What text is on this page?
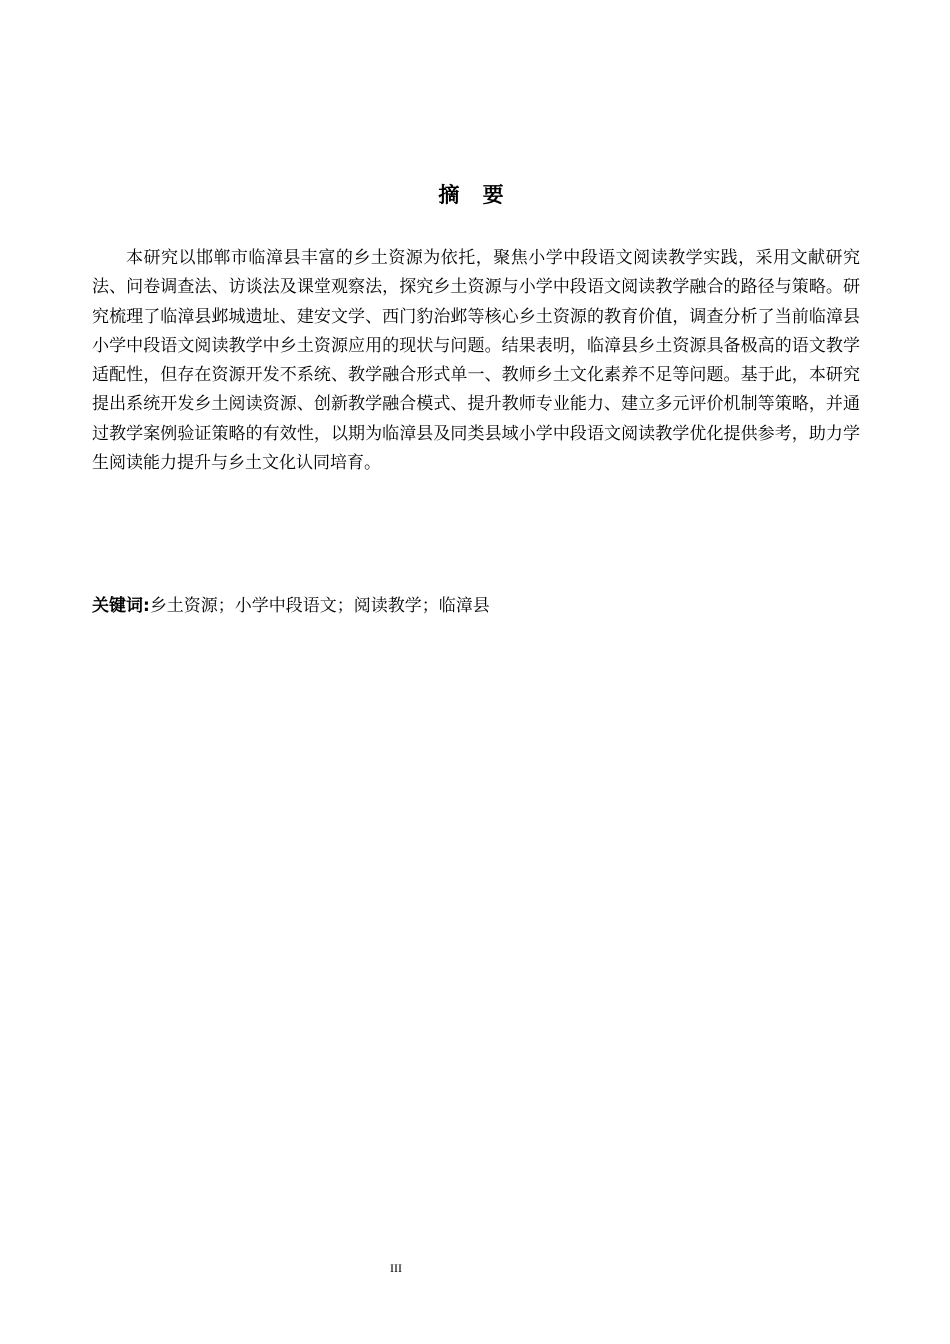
摘 要

本研究以邯郸市临漳县丰富的乡土资源为依托，聚焦小学中段语文阅读教学实践，采用文献研究法、问卷调查法、访谈法及课堂观察法，探究乡土资源与小学中段语文阅读教学融合的路径与策略。研究梳理了临漳县邺城遗址、建安文学、西门豹治邺等核心乡土资源的教育价值，调查分析了当前临漳县小学中段语文阅读教学中乡土资源应用的现状与问题。结果表明，临漳县乡土资源具备极高的语文教学适配性，但存在资源开发不系统、教学融合形式单一、教师乡土文化素养不足等问题。基于此，本研究提出系统开发乡土阅读资源、创新教学融合模式、提升教师专业能力、建立多元评价机制等策略，并通过教学案例验证策略的有效性，以期为临漳县及同类县域小学中段语文阅读教学优化提供参考，助力学生阅读能力提升与乡土文化认同培育。

关键词:乡土资源；小学中段语文；阅读教学；临漳县

III
